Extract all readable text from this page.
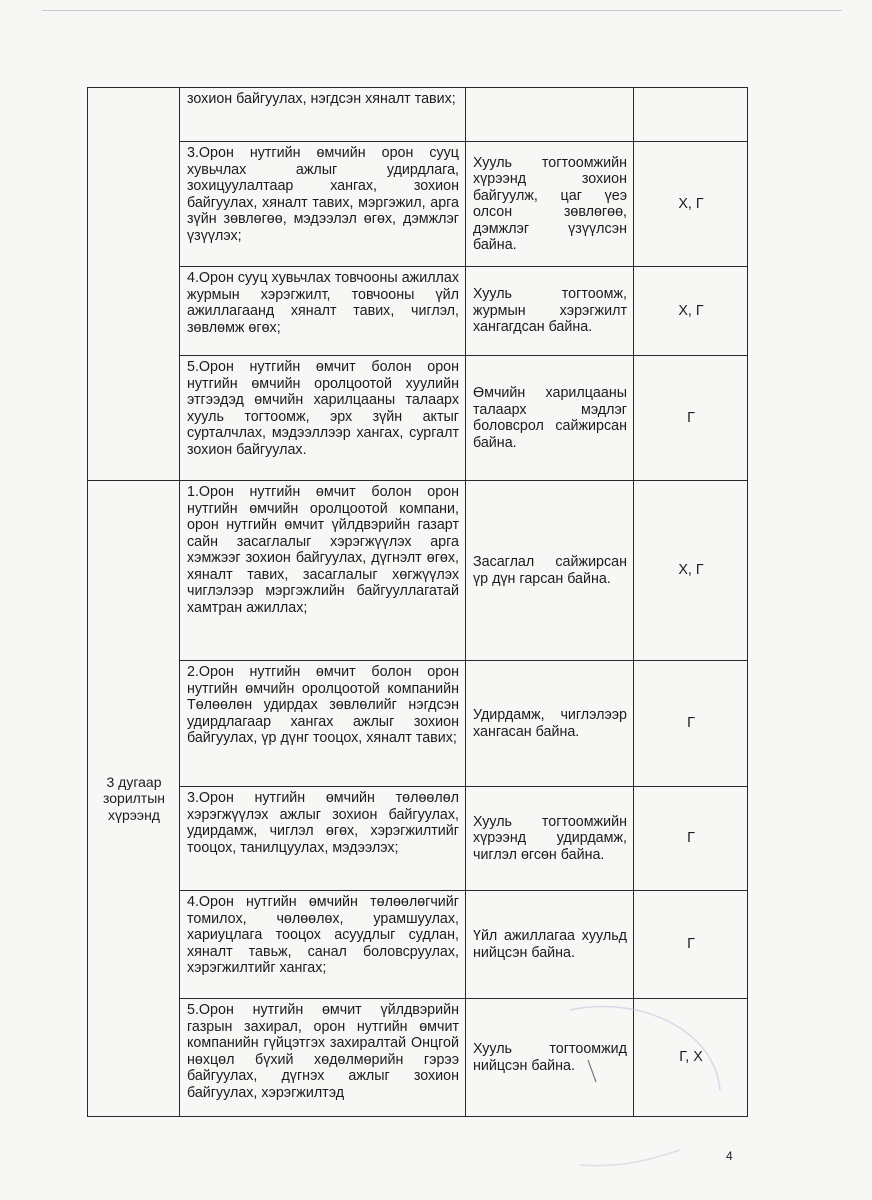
	зохион байгуулах, нэгдсэн хяналт тавих;		
	3.Орон нутгийн өмчийн орон сууц хувьчлах ажлыг удирдлага, зохицуулалтаар хангах, зохион байгуулах, хяналт тавих, мэргэжил, арга зүйн зөвлөгөө, мэдээлэл өгөх, дэмжлэг үзүүлэх;	Хууль тогтоомжийн хүрээнд зохион байгуулж, цаг үеэ олсон зөвлөгөө, дэмжлэг үзүүлсэн байна.	Х, Г
	4.Орон сууц хувьчлах товчооны ажиллах журмын хэрэгжилт, товчооны үйл ажиллагаанд хяналт тавих, чиглэл, зөвлөмж өгөх;	Хууль тогтоомж, журмын хэрэгжилт хангагдсан байна.	Х, Г
	5.Орон нутгийн өмчит болон орон нутгийн өмчийн оролцоотой хуулийн этгээдэд өмчийн харилцааны талаарх хууль тогтоомж, эрх зүйн актыг сурталчлах, мэдээллээр хангах, сургалт зохион байгуулах.	Өмчийн харилцааны талаарх мэдлэг боловсрол сайжирсан байна.	Г
3 дугаар зорилтын хүрээнд	1.Орон нутгийн өмчит болон орон нутгийн өмчийн оролцоотой компани, орон нутгийн өмчит үйлдвэрийн газарт сайн засаглалыг хэрэгжүүлэх арга хэмжээг зохион байгуулах, дүгнэлт өгөх, хяналт тавих, засаглалыг хөгжүүлэх чиглэлээр мэргэжлийн байгууллагатай хамтран ажиллах;	Засаглал сайжирсан үр дүн гарсан байна.	Х, Г
	2.Орон нутгийн өмчит болон орон нутгийн өмчийн оролцоотой компанийн Төлөөлөн удирдах зөвлөлийг нэгдсэн удирдлагаар хангах ажлыг зохион байгуулах, үр дүнг тооцох, хяналт тавих;	Удирдамж, чиглэлээр хангасан байна.	Г
	3.Орон нутгийн өмчийн төлөөлөл хэрэгжүүлэх ажлыг зохион байгуулах, удирдамж, чиглэл өгөх, хэрэгжилтийг тооцох, танилцуулах, мэдээлэх;	Хууль тогтоомжийн хүрээнд удирдамж, чиглэл өгсөн байна.	Г
	4.Орон нутгийн өмчийн төлөөлөгчийг томилох, чөлөөлөх, урамшуулах, хариуцлага тооцох асуудлыг судлан, хяналт тавьж, санал боловсруулах, хэрэгжилтийг хангах;	Үйл ажиллагаа хуульд нийцсэн байна.	Г
	5.Орон нутгийн өмчит үйлдвэрийн газрын захирал, орон нутгийн өмчит компанийн гүйцэтгэх захиралтай Онцгой нөхцөл бүхий хөдөлмөрийн гэрээ байгуулах, дүгнэх ажлыг зохион байгуулах, хэрэгжилтэд	Хууль тогтоомжид нийцсэн байна.	Г, Х
4
